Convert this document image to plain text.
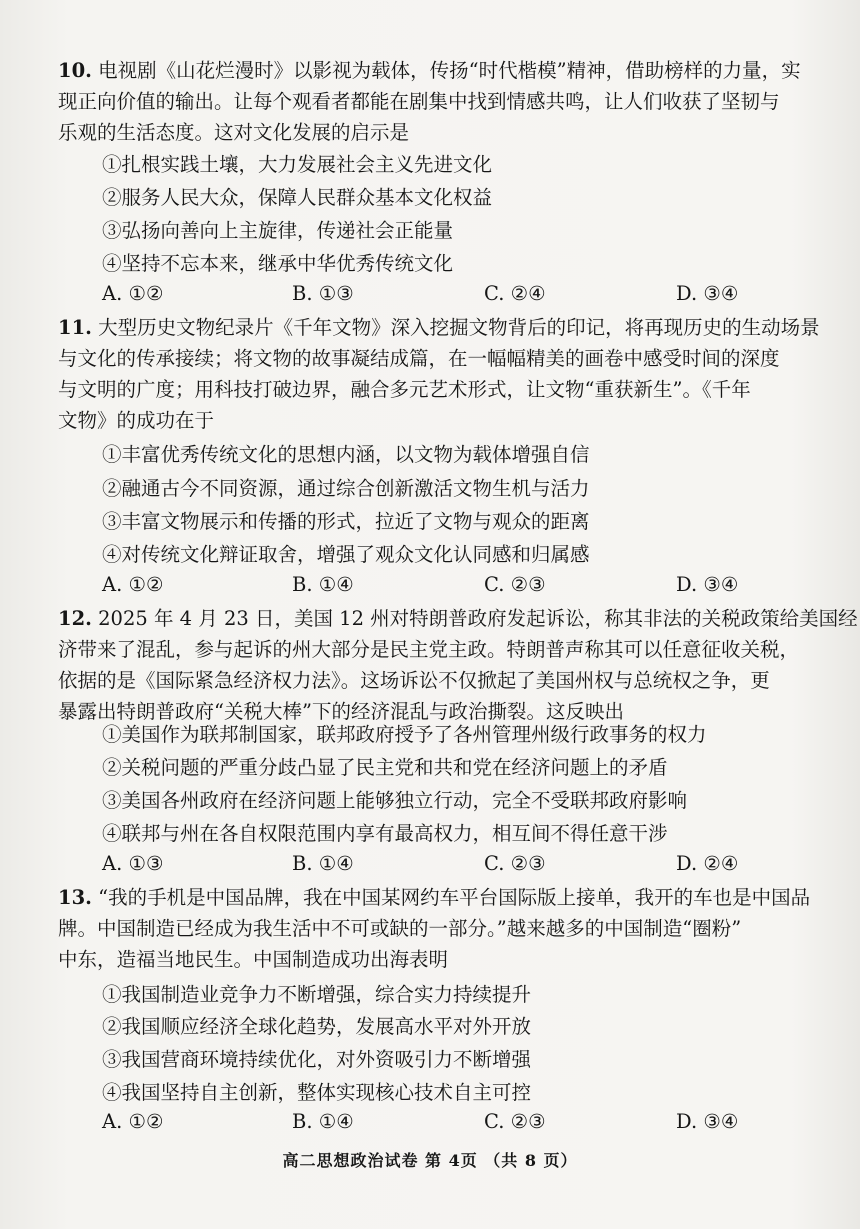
10. 电视剧《山花烂漫时》以影视为载体，传扬“时代楷模”精神，借助榜样的力量，实
现正向价值的输出。让每个观看者都能在剧集中找到情感共鸣，让人们收获了坚韧与
乐观的生活态度。这对文化发展的启示是
①扎根实践土壤，大力发展社会主义先进文化
②服务人民大众，保障人民群众基本文化权益
③弘扬向善向上主旋律，传递社会正能量
④坚持不忘本来，继承中华优秀传统文化
A. ①②	B. ①③	C. ②④	D. ③④
11. 大型历史文物纪录片《千年文物》深入挖掘文物背后的印记，将再现历史的生动场景
与文化的传承接续；将文物的故事凝结成篇，在一幅幅精美的画卷中感受时间的深度
与文明的广度；用科技打破边界，融合多元艺术形式，让文物“重获新生”。《千年
文物》的成功在于
①丰富优秀传统文化的思想内涵，以文物为载体增强自信
②融通古今不同资源，通过综合创新激活文物生机与活力
③丰富文物展示和传播的形式，拉近了文物与观众的距离
④对传统文化辩证取舍，增强了观众文化认同感和归属感
A. ①②	B. ①④	C. ②③	D. ③④
12. 2025 年 4 月 23 日，美国 12 州对特朗普政府发起诉讼，称其非法的关税政策给美国经
济带来了混乱，参与起诉的州大部分是民主党主政。特朗普声称其可以任意征收关税，
依据的是《国际紧急经济权力法》。这场诉讼不仅掀起了美国州权与总统权之争，更
暴露出特朗普政府“关税大棒”下的经济混乱与政治撕裂。这反映出
①美国作为联邦制国家，联邦政府授予了各州管理州级行政事务的权力
②关税问题的严重分歧凸显了民主党和共和党在经济问题上的矛盾
③美国各州政府在经济问题上能够独立行动，完全不受联邦政府影响
④联邦与州在各自权限范围内享有最高权力，相互间不得任意干涉
A. ①③	B. ①④	C. ②③	D. ②④
13. “我的手机是中国品牌，我在中国某网约车平台国际版上接单，我开的车也是中国品
牌。中国制造已经成为我生活中不可或缺的一部分。”越来越多的中国制造“圈粉”
中东，造福当地民生。中国制造成功出海表明
①我国制造业竞争力不断增强，综合实力持续提升
②我国顺应经济全球化趋势，发展高水平对外开放
③我国营商环境持续优化，对外资吸引力不断增强
④我国坚持自主创新，整体实现核心技术自主可控
A. ①②	B. ①④	C. ②③	D. ③④
高二思想政治试卷 第 4页 （共 8 页）
